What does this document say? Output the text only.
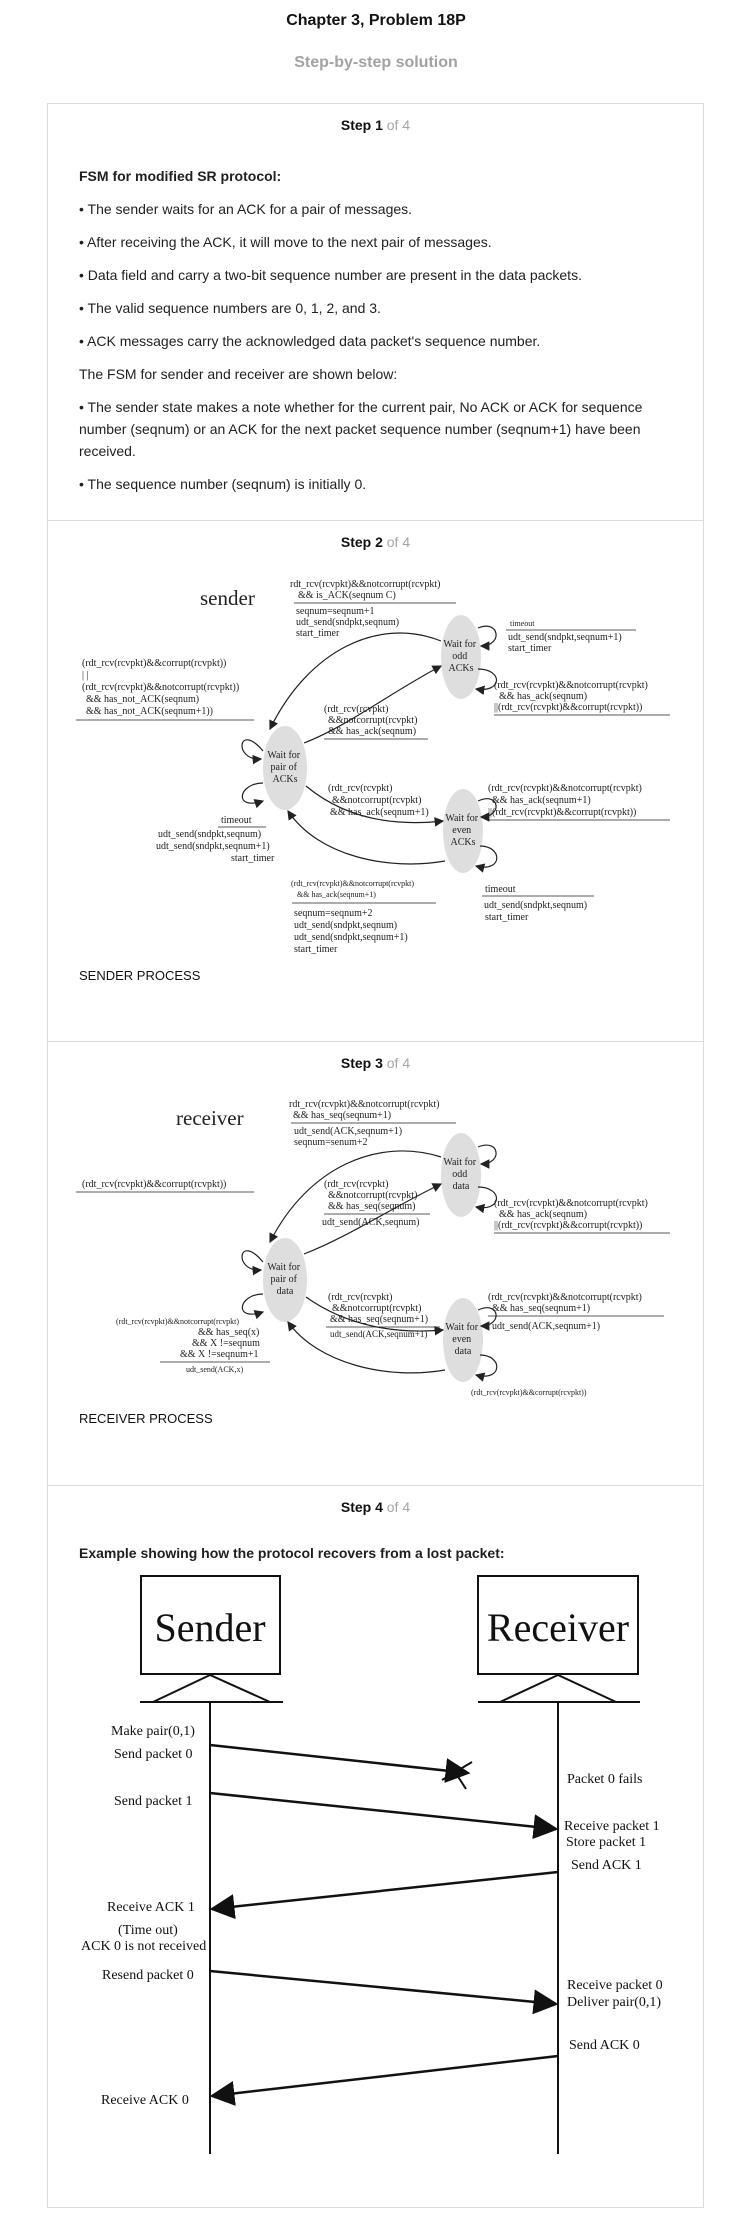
Chapter 3, Problem 18P
Step-by-step solution
Step 1 of 4

FSM for modified SR protocol:

• The sender waits for an ACK for a pair of messages.

• After receiving the ACK, it will move to the next pair of messages.

• Data field and carry a two-bit sequence number are present in the data packets.

• The valid sequence numbers are 0, 1, 2, and 3.

• ACK messages carry the acknowledged data packet's sequence number.

The FSM for sender and receiver are shown below:

• The sender state makes a note whether for the current pair, No ACK or ACK for sequence number (seqnum) or an ACK for the next packet sequence number (seqnum+1) have been received.

• The sequence number (seqnum) is initially 0.

Step 2 of 4
sender
Wait for pair of ACKs
Wait for odd ACKs
Wait for even ACKs
rdt_rcv(rcvpkt)&&notcorrupt(rcvpkt) && is_ACK(seqnum C)
seqnum=seqnum+1 udt_send(sndpkt,seqnum) start_timer
timeout
udt_send(sndpkt,seqnum+1) start_timer
(rdt_rcv(rcvpkt)&&notcorrupt(rcvpkt) && has_ack(seqnum) ||(rdt_rcv(rcvpkt)&&corrupt(rcvpkt))
(rdt_rcv(rcvpkt)&&corrupt(rcvpkt)) | | (rdt_rcv(rcvpkt)&&notcorrupt(rcvpkt)) && has_not_ACK(seqnum) && has_not_ACK(seqnum+1))	(rdt_rcv(rcvpkt) &&notcorrupt(rcvpkt) && has_ack(seqnum)
(rdt_rcv(rcvpkt) &&notcorrupt(rcvpkt) && has_ack(seqnum+1)
(rdt_rcv(rcvpkt)&&notcorrupt(rcvpkt) && has_ack(seqnum+1) ||(rdt_rcv(rcvpkt)&&corrupt(rcvpkt))
timeout
udt_send(sndpkt,seqnum) udt_send(sndpkt,seqnum+1) start_timer
timeout
udt_send(sndpkt,seqnum) start_timer
(rdt_rcv(rcvpkt)&&notcorrupt(rcvpkt) && has_ack(seqnum+1)
seqnum=seqnum+2 udt_send(sndpkt,seqnum) udt_send(sndpkt,seqnum+1) start_timer
SENDER PROCESS
Step 3 of 4
receiver
Wait for pair of data
Wait for odd data
Wait for even data
rdt_rcv(rcvpkt)&&notcorrupt(rcvpkt) && has_seq(seqnum+1)
udt_send(ACK,seqnum+1) seqnum=senum+2
(rdt_rcv(rcvpkt)&&notcorrupt(rcvpkt) && has_ack(seqnum) ||(rdt_rcv(rcvpkt)&&corrupt(rcvpkt))
(rdt_rcv(rcvpkt)&&corrupt(rcvpkt))	(rdt_rcv(rcvpkt) &&notcorrupt(rcvpkt) && has_seq(seqnum)
udt_send(ACK,seqnum)
(rdt_rcv(rcvpkt) &&notcorrupt(rcvpkt) && has_seq(seqnum+1)
udt_send(ACK,seqnum+1)
(rdt_rcv(rcvpkt)&&notcorrupt(rcvpkt) && has_seq(seqnum+1)
udt_send(ACK,seqnum+1)
(rdt_rcv(rcvpkt)&&notcorrupt(rcvpkt) && has_seq(x) && X !=seqnum && X !=seqnum+1
udt_send(ACK,x)
(rdt_rcv(rcvpkt)&&corrupt(rcvpkt))
RECEIVER PROCESS
Step 4 of 4
Example showing how the protocol recovers from a lost packet:
Sender	Receiver
Make pair(0,1) Send packet 0 Send packet 1 Receive ACK 1 (Time out) ACK 0 is not received Resend packet 0 Receive ACK 0
Packet 0 fails Receive packet 1 Store packet 1 Send ACK 1 Receive packet 0 Deliver pair(0,1) Send ACK 0
